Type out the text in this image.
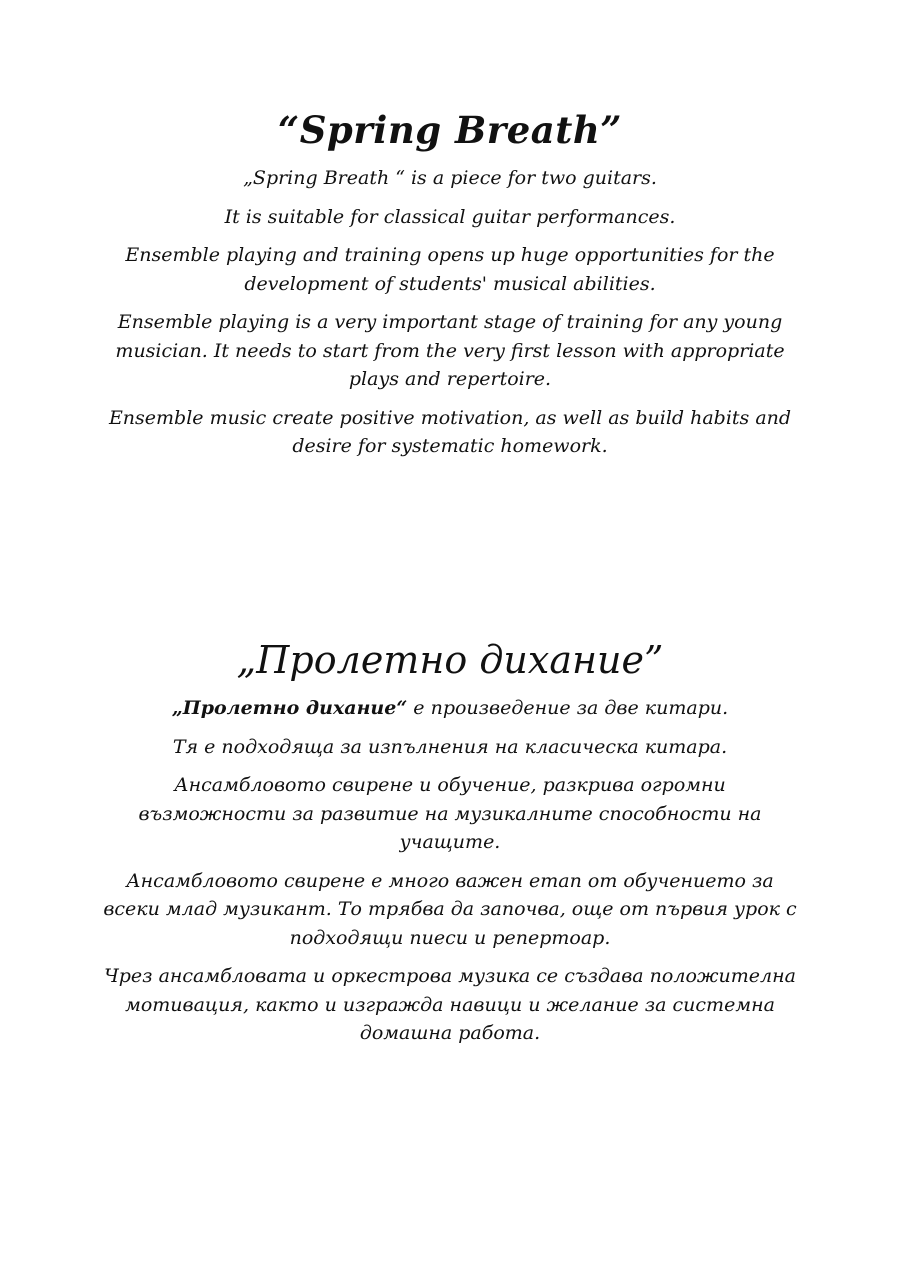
“Spring Breath”

„Spring Breath “ is a piece for two guitars.

It is suitable for classical guitar performances.

Ensemble playing and training opens up huge opportunities for the development of students' musical abilities.

Ensemble playing is a very important stage of training for any young musician. It needs to start from the very first lesson with appropriate plays and repertoire.

Ensemble music create positive motivation, as well as build habits and desire for systematic homework.

„Пролетно дихание”

„Пролетно дихание“ е произведение за две китари.

Тя е подходяща за изпълнения на класическа китара.

Ансамбловото свирене и обучение, разкрива огромни възможности за развитие на музикалните способности на учащите.

Ансамбловото свирене е много важен етап от обучението за всеки млад музикант. То трябва да започва, още от първия урок с подходящи пиеси и репертоар.

Чрез ансамбловата и оркестрова музика се създава положителна мотивация, както и изгражда навици и желание за системна домашна работа.
